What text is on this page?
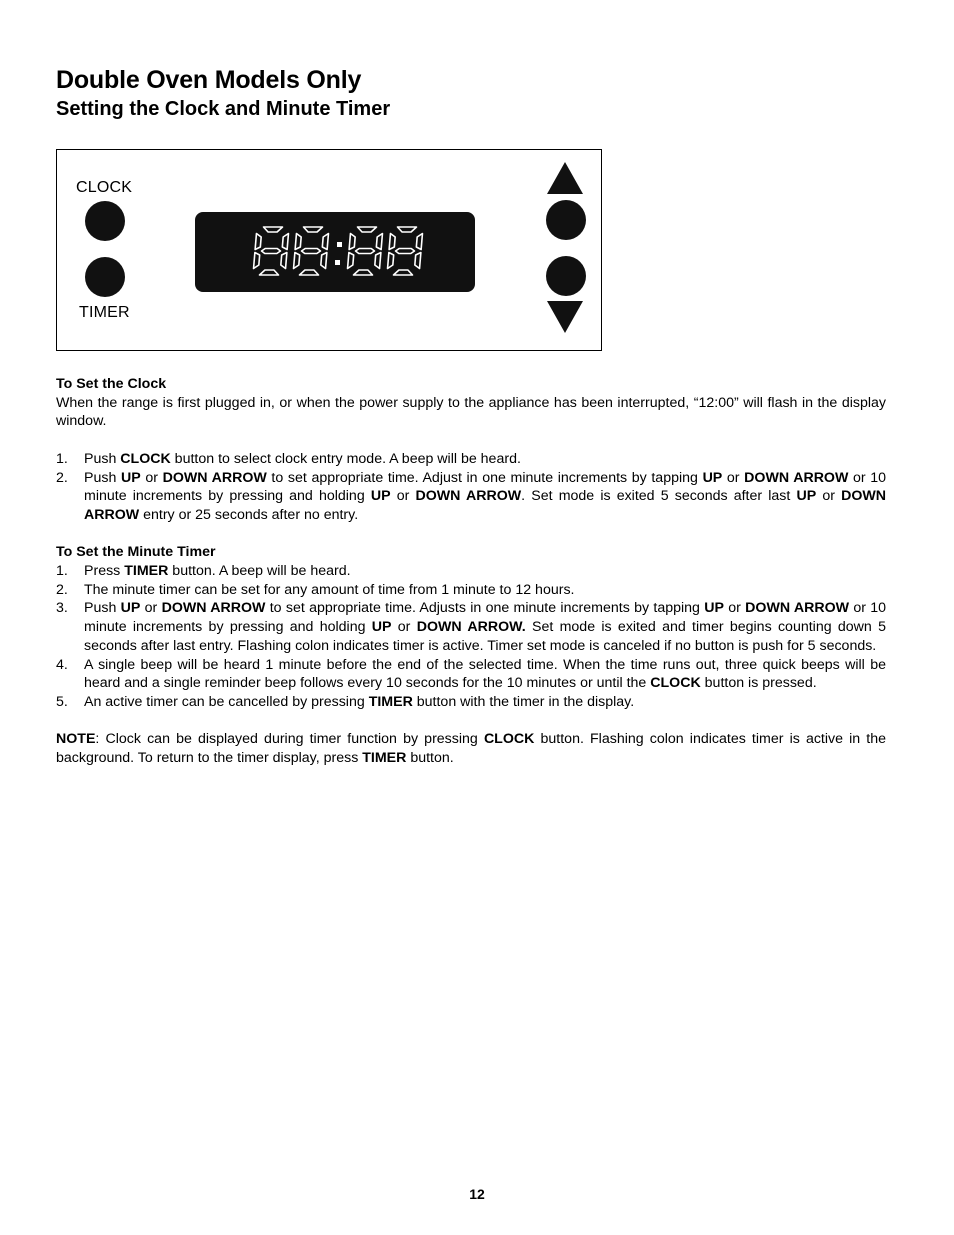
Double Oven Models Only
Setting the Clock and Minute Timer
CLOCK
TIMER

To Set the Clock

When the range is first plugged in, or when the power supply to the appliance has been interrupted, “12:00” will flash in the display window.

1. Push CLOCK button to select clock entry mode. A beep will be heard.
2. Push UP or DOWN ARROW to set appropriate time. Adjust in one minute increments by tapping UP or DOWN ARROW or 10 minute increments by pressing and holding UP or DOWN ARROW. Set mode is exited 5 seconds after last UP or DOWN ARROW entry or 25 seconds after no entry.

To Set the Minute Timer

1. Press TIMER button. A beep will be heard.
2. The minute timer can be set for any amount of time from 1 minute to 12 hours.
3. Push UP or DOWN ARROW to set appropriate time. Adjusts in one minute increments by tapping UP or DOWN ARROW or 10 minute increments by pressing and holding UP or DOWN ARROW. Set mode is exited and timer begins counting down 5 seconds after last entry. Flashing colon indicates timer is active. Timer set mode is canceled if no button is push for 5 seconds.
4. A single beep will be heard 1 minute before the end of the selected time. When the time runs out, three quick beeps will be heard and a single reminder beep follows every 10 seconds for the 10 minutes or until the CLOCK button is pressed.
5. An active timer can be cancelled by pressing TIMER button with the timer in the display.

NOTE: Clock can be displayed during timer function by pressing CLOCK button. Flashing colon indicates timer is active in the background. To return to the timer display, press TIMER button.

12
